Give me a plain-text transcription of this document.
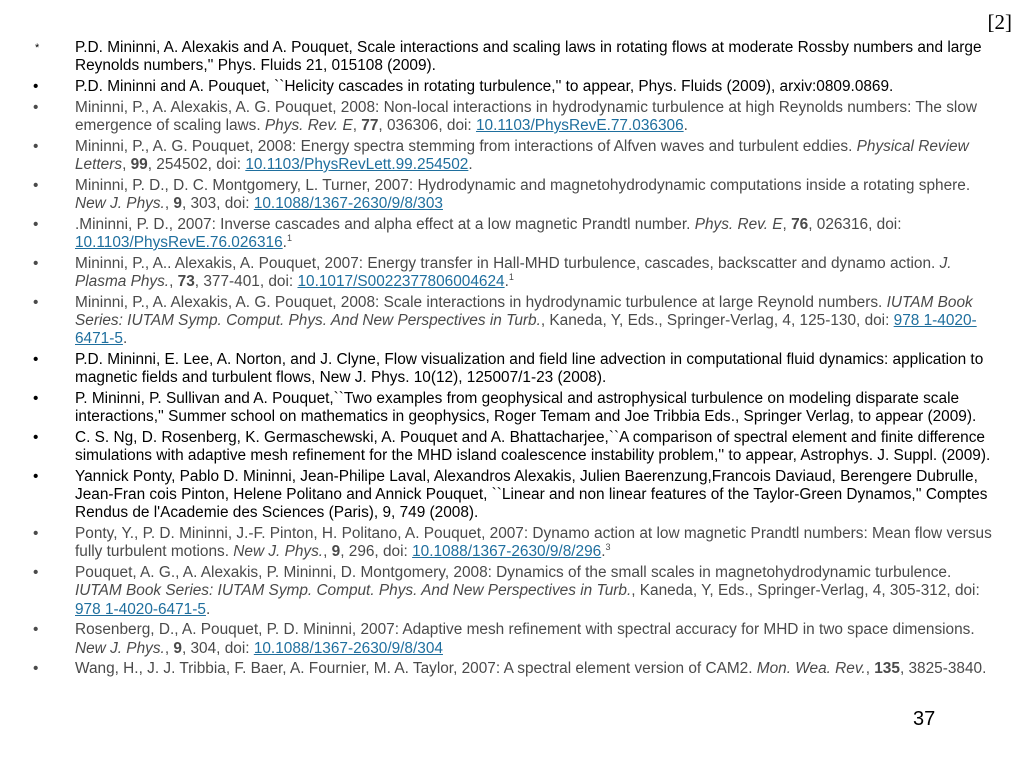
[2]
* P.D. Mininni, A. Alexakis and A. Pouquet, Scale interactions and scaling laws in rotating flows at moderate Rossby numbers and large Reynolds numbers,'' Phys. Fluids 21, 015108 (2009).
• P.D. Mininni and A. Pouquet, ``Helicity cascades in rotating turbulence,'' to appear, Phys. Fluids (2009), arxiv:0809.0869.
• Mininni, P., A. Alexakis, A. G. Pouquet, 2008: Non-local interactions in hydrodynamic turbulence at high Reynolds numbers: The slow emergence of scaling laws. Phys. Rev. E, 77, 036306, doi: 10.1103/PhysRevE.77.036306.
• Mininni, P., A. G. Pouquet, 2008: Energy spectra stemming from interactions of Alfven waves and turbulent eddies. Physical Review Letters, 99, 254502, doi: 10.1103/PhysRevLett.99.254502.
• Mininni, P. D., D. C. Montgomery, L. Turner, 2007: Hydrodynamic and magnetohydrodynamic computations inside a rotating sphere. New J. Phys., 9, 303, doi: 10.1088/1367-2630/9/8/303
• .Mininni, P. D., 2007: Inverse cascades and alpha effect at a low magnetic Prandtl number. Phys. Rev. E, 76, 026316, doi: 10.1103/PhysRevE.76.026316.$^1$
• Mininni, P., A.. Alexakis, A. Pouquet, 2007: Energy transfer in Hall-MHD turbulence, cascades, backscatter and dynamo action. J. Plasma Phys., 73, 377-401, doi: 10.1017/S0022377806004624.$^1$
• Mininni, P., A. Alexakis, A. G. Pouquet, 2008: Scale interactions in hydrodynamic turbulence at large Reynold numbers. IUTAM Book Series: IUTAM Symp. Comput. Phys. And New Perspectives in Turb., Kaneda, Y, Eds., Springer-Verlag, 4, 125-130, doi: 978 1-4020-6471-5.
• P.D. Mininni, E. Lee, A. Norton, and J. Clyne, Flow visualization and field line advection in computational fluid dynamics: application to magnetic fields and turbulent flows, New J. Phys. 10(12), 125007/1-23 (2008).
• P. Mininni, P. Sullivan and A. Pouquet,``Two examples from geophysical and astrophysical turbulence on modeling disparate scale interactions,'' Summer school on mathematics in geophysics, Roger Temam and Joe Tribbia Eds., Springer Verlag, to appear (2009).
• C. S. Ng, D. Rosenberg, K. Germaschewski, A. Pouquet and A. Bhattacharjee,``A comparison of spectral element and finite difference simulations with adaptive mesh refinement for the MHD island coalescence instability problem,'' to appear, Astrophys. J. Suppl. (2009).
• Yannick Ponty, Pablo D. Mininni, Jean-Philipe Laval, Alexandros Alexakis, Julien Baerenzung,Francois Daviaud, Berengere Dubrulle, Jean-Fran cois Pinton, Helene Politano and Annick Pouquet, ``Linear and non linear features of the Taylor-Green Dynamos,'' Comptes Rendus de l'Academie des Sciences (Paris), 9, 749 (2008).
• Ponty, Y., P. D. Mininni, J.-F. Pinton, H. Politano, A. Pouquet, 2007: Dynamo action at low magnetic Prandtl numbers: Mean flow versus fully turbulent motions. New J. Phys., 9, 296, doi: 10.1088/1367-2630/9/8/296.$^3$
• Pouquet, A. G., A. Alexakis, P. Mininni, D. Montgomery, 2008: Dynamics of the small scales in magnetohydrodynamic turbulence. IUTAM Book Series: IUTAM Symp. Comput. Phys. And New Perspectives in Turb., Kaneda, Y, Eds., Springer-Verlag, 4, 305-312, doi: 978 1-4020-6471-5.
• Rosenberg, D., A. Pouquet, P. D. Mininni, 2007: Adaptive mesh refinement with spectral accuracy for MHD in two space dimensions. New J. Phys., 9, 304, doi: 10.1088/1367-2630/9/8/304
• Wang, H., J. J. Tribbia, F. Baer, A. Fournier, M. A. Taylor, 2007: A spectral element version of CAM2. Mon. Wea. Rev., 135, 3825-3840.
37
